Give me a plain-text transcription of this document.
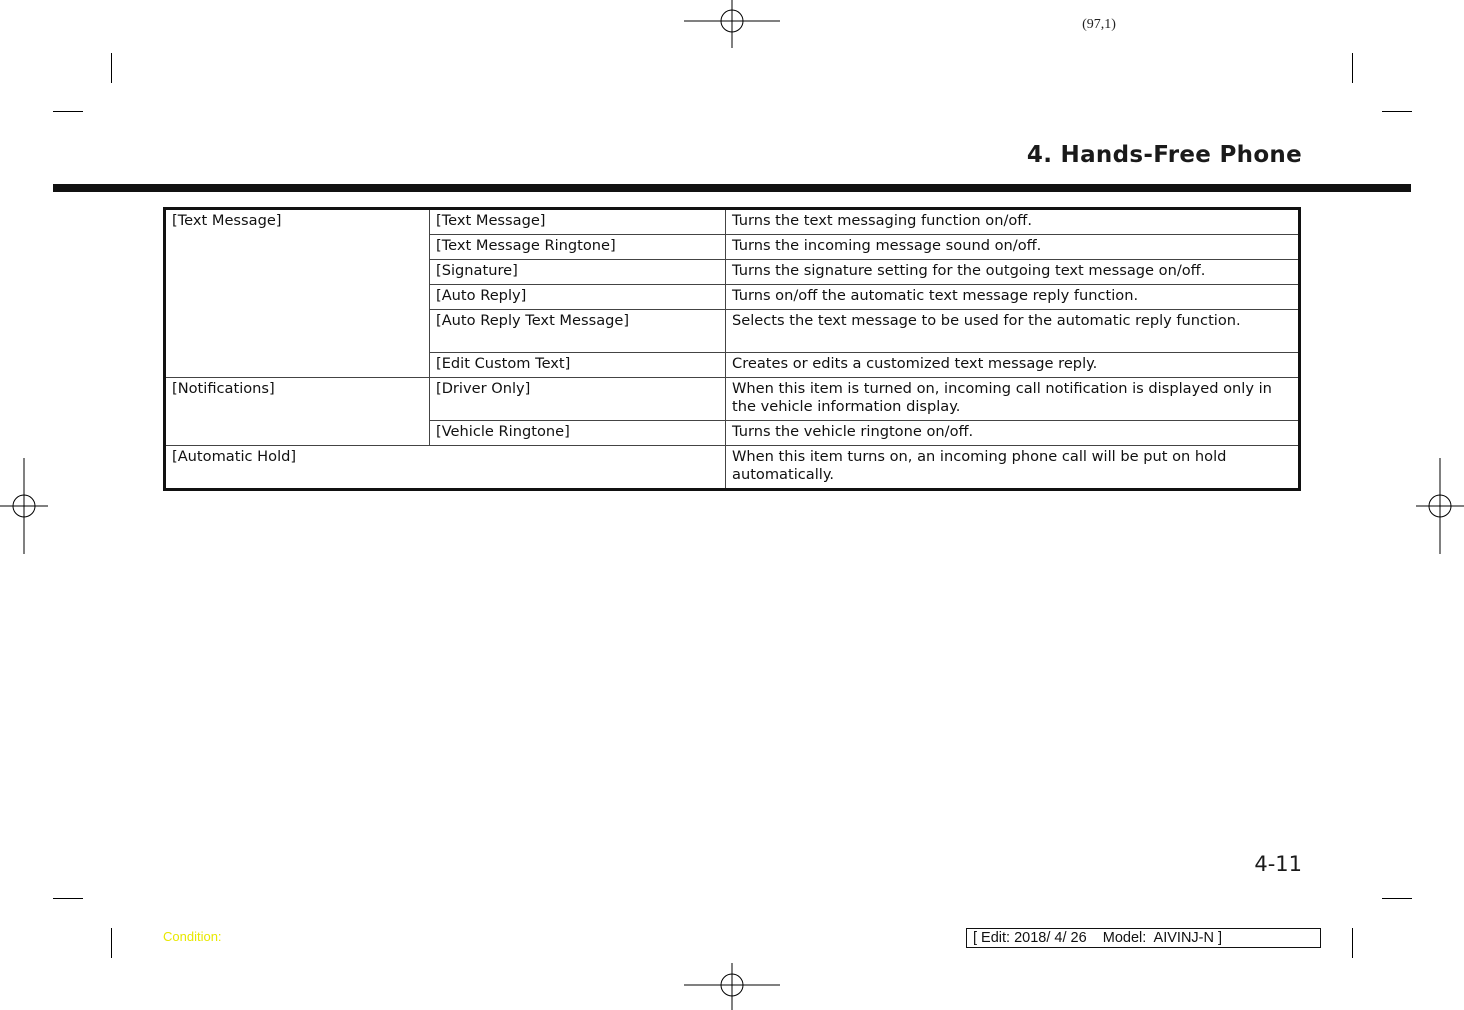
(97,1)
4. Hands-Free Phone
[Text Message]	[Text Message]	Turns the text messaging function on/off.
	[Text Message Ringtone]	Turns the incoming message sound on/off.
	[Signature]	Turns the signature setting for the outgoing text message on/off.
	[Auto Reply]	Turns on/off the automatic text message reply function.
	[Auto Reply Text Message]	Selects the text message to be used for the automatic reply function.
	[Edit Custom Text]	Creates or edits a customized text message reply.
[Notifications]	[Driver Only]	When this item is turned on, incoming call notification is displayed only in the vehicle information display.
	[Vehicle Ringtone]	Turns the vehicle ringtone on/off.
[Automatic Hold]		When this item turns on, an incoming phone call will be put on hold automatically.
4-11
Condition:	[ Edit: 2018/ 4/ 26    Model:  AIVINJ-N ]
